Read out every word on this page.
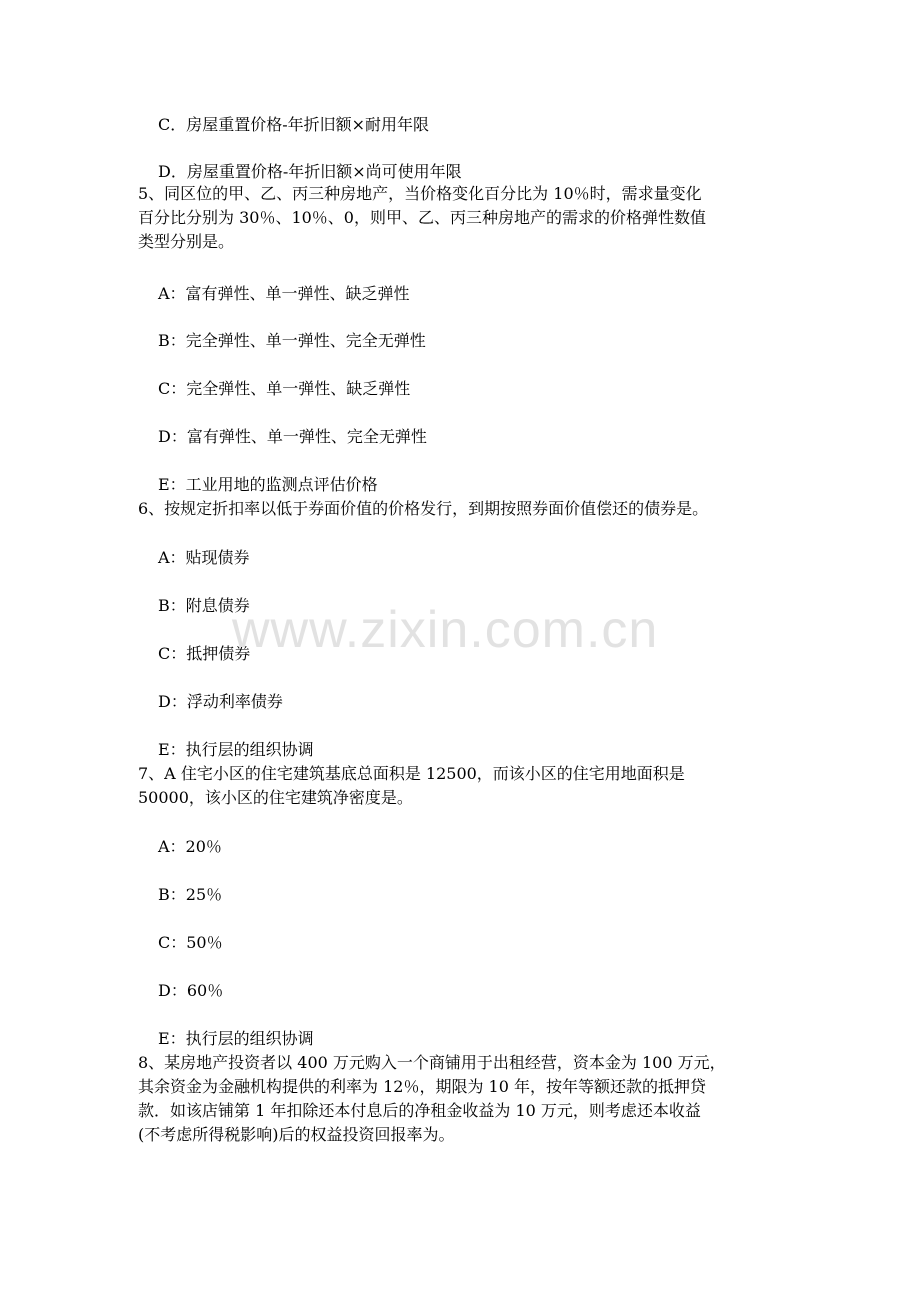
C．房屋重置价格-年折旧额×耐用年限
D．房屋重置价格-年折旧额×尚可使用年限
5、同区位的甲、乙、丙三种房地产，当价格变化百分比为 10％时，需求量变化
百分比分别为 30％、10％、0，则甲、乙、丙三种房地产的需求的价格弹性数值
类型分别是。
A：富有弹性、单一弹性、缺乏弹性
B：完全弹性、单一弹性、完全无弹性
C：完全弹性、单一弹性、缺乏弹性
D：富有弹性、单一弹性、完全无弹性
E：工业用地的监测点评估价格
6、按规定折扣率以低于券面价值的价格发行，到期按照券面价值偿还的债券是。
A：贴现债券
B：附息债券
C：抵押债券
D：浮动利率债券
E：执行层的组织协调
7、A 住宅小区的住宅建筑基底总面积是 12500，而该小区的住宅用地面积是
50000，该小区的住宅建筑净密度是。
A：20％
B：25％
C：50％
D：60％
E：执行层的组织协调
8、某房地产投资者以 400 万元购入一个商铺用于出租经营，资本金为 100 万元，
其余资金为金融机构提供的利率为 12％，期限为 10 年，按年等额还款的抵押贷
款．如该店铺第 1 年扣除还本付息后的净租金收益为 10 万元，则考虑还本收益
(不考虑所得税影响)后的权益投资回报率为。
www.zixin.com.cn
